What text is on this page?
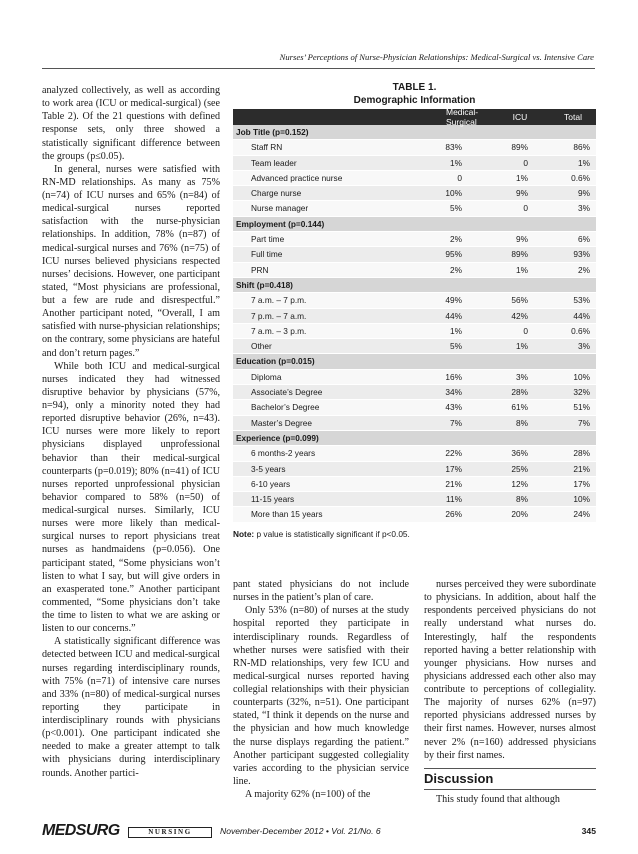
Nurses’ Perceptions of Nurse-Physician Relationships: Medical-Surgical vs. Intensive Care

analyzed collectively, as well as according to work area (ICU or medical-surgical) (see Table 2). Of the 21 questions with defined response sets, only three showed a statistically significant difference between the groups (p≤0.05).

In general, nurses were satisfied with RN-MD relationships. As many as 75% (n=74) of ICU nurses and 65% (n=84) of medical-surgical nurses reported satisfaction with the nurse-physician relationships. In addition, 78% (n=87) of medical-surgical nurses and 76% (n=75) of ICU nurses believed physicians respected nurses’ decisions. However, one participant stated, “Most physicians are professional, but a few are rude and disrespectful.” Another participant noted, “Overall, I am satisfied with nurse-physician relationships; on the contrary, some physicians are hateful and don’t return pages.”

While both ICU and medical-surgical nurses indicated they had witnessed disruptive behavior by physicians (57%, n=94), only a minority noted they had reported disruptive behavior (26%, n=43). ICU nurses were more likely to report physicians displayed unprofessional behavior than their medical-surgical counterparts (p=0.019); 80% (n=41) of ICU nurses reported unprofessional physician behavior compared to 58% (n=50) of medical-surgical nurses. Similarly, ICU nurses were more likely than medical-surgical nurses to report physicians treat nurses as handmaidens (p=0.056). One participant stated, “Some physicians won’t listen to what I say, but will give orders in an exasperated tone.” Another participant commented, “Some physicians don’t take the time to listen to what we are asking or listen to our concerns.”

A statistically significant difference was detected between ICU and medical-surgical nurses regarding interdisciplinary rounds, with 75% (n=71) of intensive care nurses and 33% (n=80) of medical-surgical nurses reporting they participate in interdisciplinary rounds with physicians (p<0.001). One participant indicated she needed to make a greater attempt to talk with physicians during interdisciplinary rounds. Another partici-

TABLE 1.
Demographic Information
Medical-Surgical	ICU	Total
Job Title (p=0.152)
Staff RN	83%	89%	86%
Team leader	1%	0	1%
Advanced practice nurse	0	1%	0.6%
Charge nurse	10%	9%	9%
Nurse manager	5%	0	3%
Employment (p=0.144)
Part time	2%	9%	6%
Full time	95%	89%	93%
PRN	2%	1%	2%
Shift (p=0.418)
7 a.m. – 7 p.m.	49%	56%	53%
7 p.m. – 7 a.m.	44%	42%	44%
7 a.m. – 3 p.m.	1%	0	0.6%
Other	5%	1%	3%
Education (p=0.015)
Diploma	16%	3%	10%
Associate’s Degree	34%	28%	32%
Bachelor’s Degree	43%	61%	51%
Master’s Degree	7%	8%	7%
Experience (p=0.099)
6 months-2 years	22%	36%	28%
3-5 years	17%	25%	21%
6-10 years	21%	12%	17%
11-15 years	11%	8%	10%
More than 15 years	26%	20%	24%
Note: p value is statistically significant if p<0.05.

pant stated physicians do not include nurses in the patient’s plan of care.

Only 53% (n=80) of nurses at the study hospital reported they participate in interdisciplinary rounds. Regardless of whether nurses were satisfied with their RN-MD relationships, very few ICU and medical-surgical nurses reported having collegial relationships with their physician counterparts (32%, n=51). One participant stated, “I think it depends on the nurse and the physician and how much knowledge the nurse displays regarding the patient.” Another participant suggested collegiality varies according to the physician service line.

A majority 62% (n=100) of the

nurses perceived they were subordinate to physicians. In addition, about half the respondents perceived physicians do not really understand what nurses do. Interestingly, half the respondents reported having a better relationship with younger physicians. How nurses and physicians addressed each other also may contribute to perceptions of collegiality. The majority of nurses 62% (n=97) reported physicians addressed nurses by their first names. However, nurses almost never 2% (n=160) addressed physicians by their first names.

Discussion

This study found that although

MEDSURG	NURSING	November-December 2012 • Vol. 21/No. 6	345
